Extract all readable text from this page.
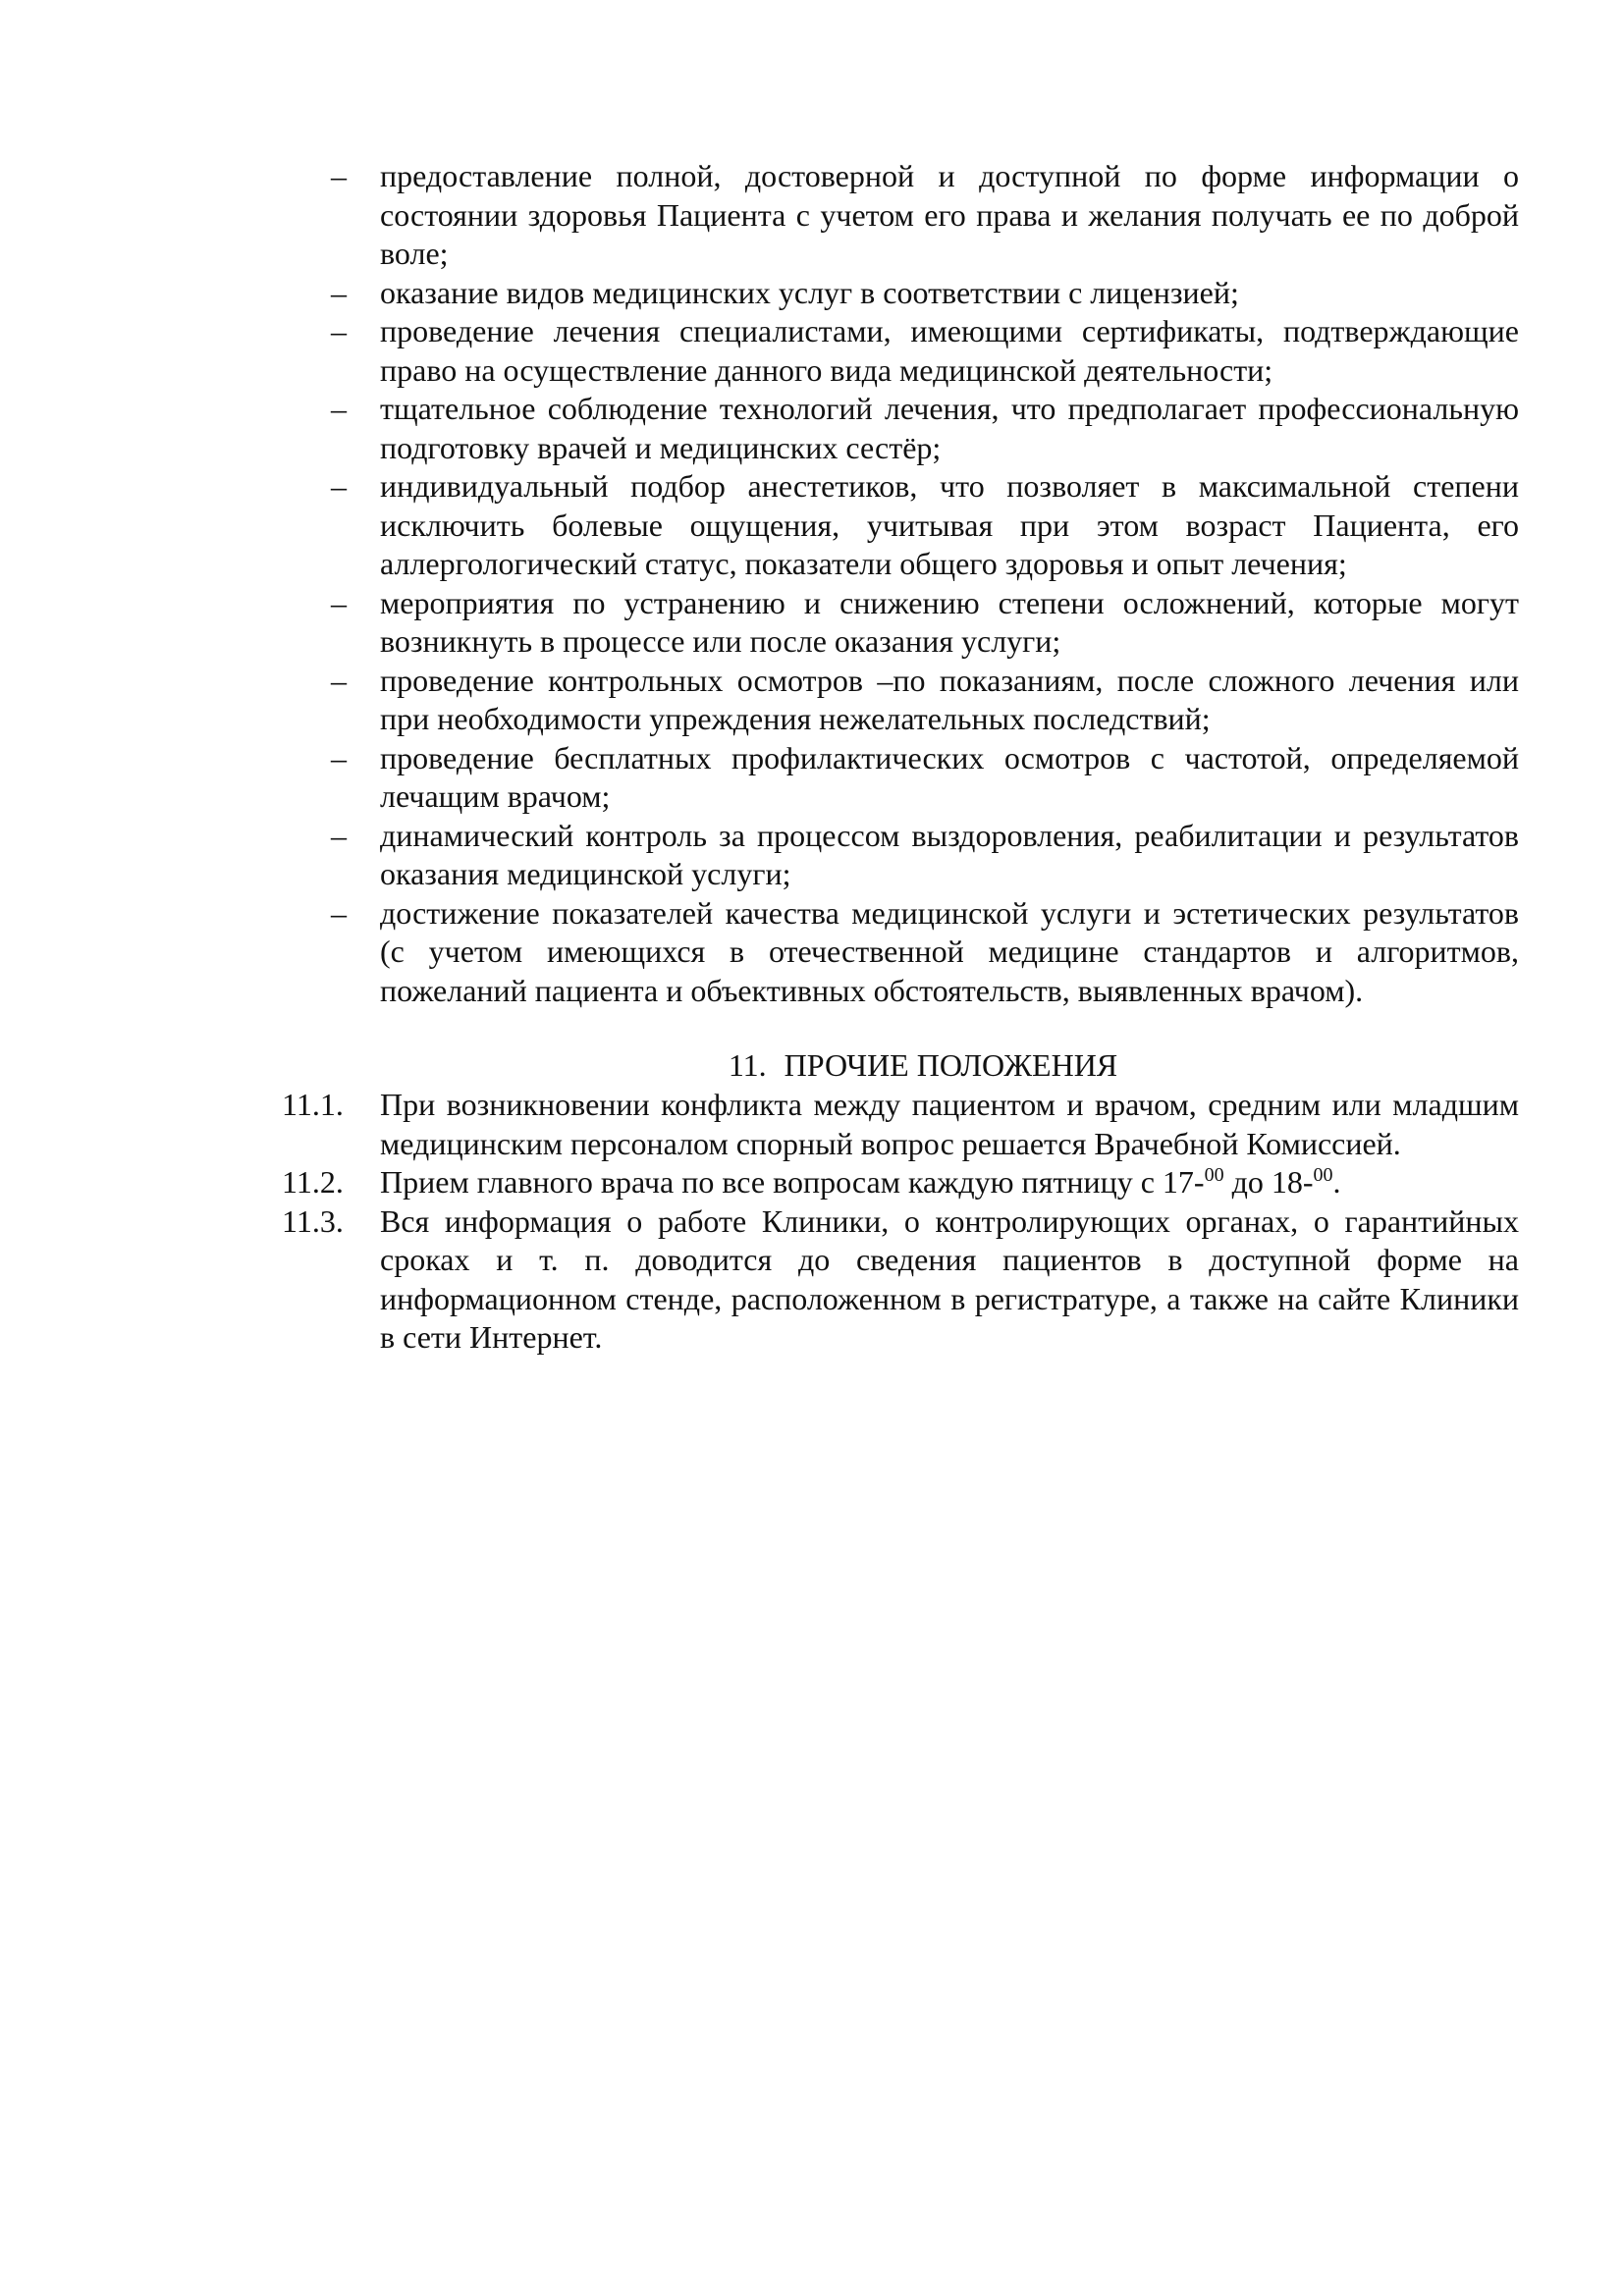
– предоставление полной, достоверной и доступной по форме информации о состоянии здоровья Пациента с учетом его права и желания получать ее по доброй воле;
– оказание видов медицинских услуг в соответствии с лицензией;
– проведение лечения специалистами, имеющими сертификаты, подтверждающие право на осуществление данного вида медицинской деятельности;
– тщательное соблюдение технологий лечения, что предполагает профессиональную подготовку врачей и медицинских сестёр;
– индивидуальный подбор анестетиков, что позволяет в максимальной степени исключить болевые ощущения, учитывая при этом возраст Пациента, его аллергологический статус, показатели общего здоровья и опыт лечения;
– мероприятия по устранению и снижению степени осложнений, которые могут возникнуть в процессе или после оказания услуги;
– проведение контрольных осмотров –по показаниям, после сложного лечения или при необходимости упреждения нежелательных последствий;
– проведение бесплатных профилактических осмотров с частотой, определяемой лечащим врачом;
– динамический контроль за процессом выздоровления, реабилитации и результатов оказания медицинской услуги;
– достижение показателей качества медицинской услуги и эстетических результатов (с учетом имеющихся в отечественной медицине стандартов и алгоритмов, пожеланий пациента и объективных обстоятельств, выявленных врачом).
11. ПРОЧИЕ ПОЛОЖЕНИЯ
11.1. При возникновении конфликта между пациентом и врачом, средним или младшим медицинским персоналом спорный вопрос решается Врачебной Комиссией.
11.2. Прием главного врача по все вопросам каждую пятницу с 17-$^{00}$ до 18-$^{00}$.
11.3. Вся информация о работе Клиники, о контролирующих органах, о гарантийных сроках и т. п. доводится до сведения пациентов в доступной форме на информационном стенде, расположенном в регистратуре, а также на сайте Клиники в сети Интернет.
